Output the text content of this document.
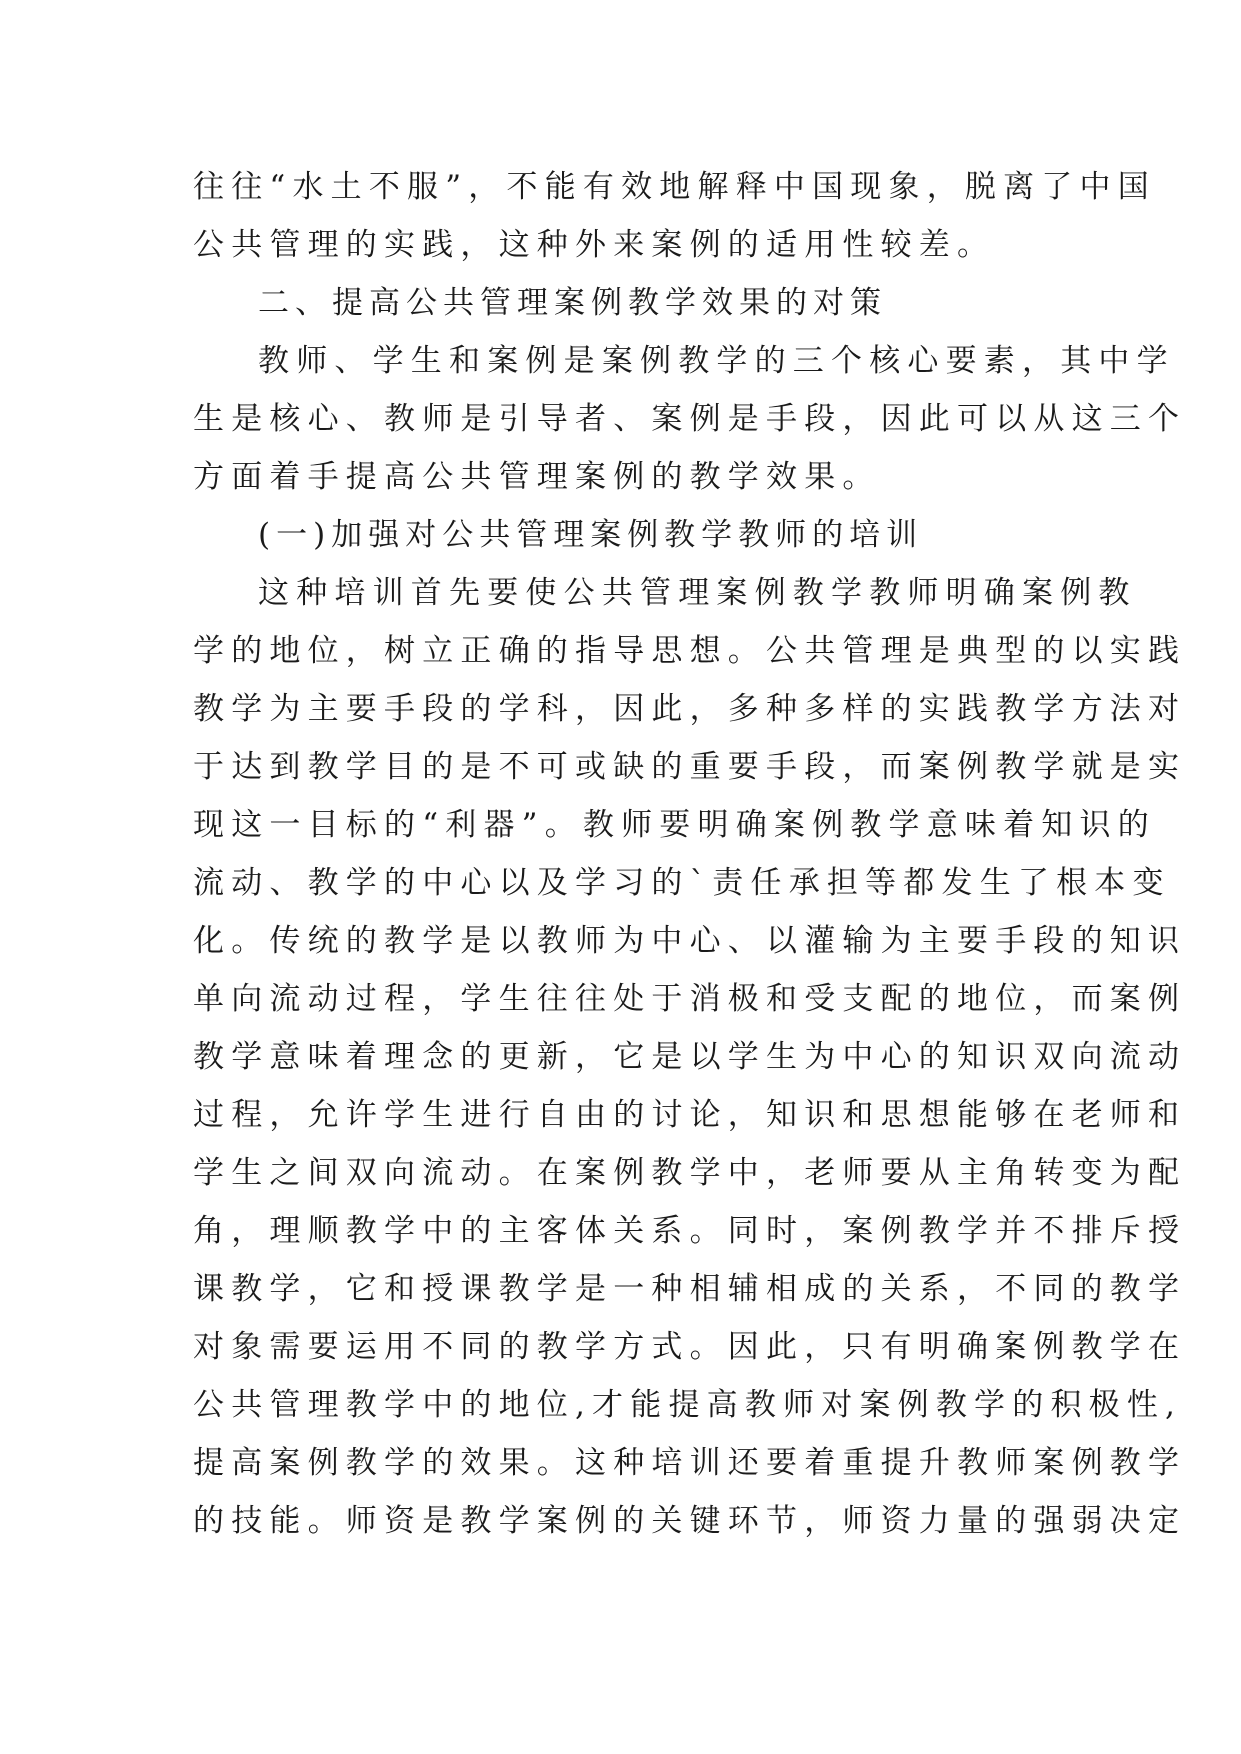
往往“水土不服”，不能有效地解释中国现象，脱离了中国
公共管理的实践，这种外来案例的适用性较差。
二、提高公共管理案例教学效果的对策
教师、学生和案例是案例教学的三个核心要素，其中学
生是核心、教师是引导者、案例是手段，因此可以从这三个
方面着手提高公共管理案例的教学效果。
(一)加强对公共管理案例教学教师的培训
这种培训首先要使公共管理案例教学教师明确案例教
学的地位，树立正确的指导思想。公共管理是典型的以实践
教学为主要手段的学科，因此，多种多样的实践教学方法对
于达到教学目的是不可或缺的重要手段，而案例教学就是实
现这一目标的“利器”。教师要明确案例教学意味着知识的
流动、教学的中心以及学习的`责任承担等都发生了根本变
化。传统的教学是以教师为中心、以灌输为主要手段的知识
单向流动过程，学生往往处于消极和受支配的地位，而案例
教学意味着理念的更新，它是以学生为中心的知识双向流动
过程，允许学生进行自由的讨论，知识和思想能够在老师和
学生之间双向流动。在案例教学中，老师要从主角转变为配
角，理顺教学中的主客体关系。同时，案例教学并不排斥授
课教学，它和授课教学是一种相辅相成的关系，不同的教学
对象需要运用不同的教学方式。因此，只有明确案例教学在
公共管理教学中的地位,才能提高教师对案例教学的积极性,
提高案例教学的效果。这种培训还要着重提升教师案例教学
的技能。师资是教学案例的关键环节，师资力量的强弱决定
